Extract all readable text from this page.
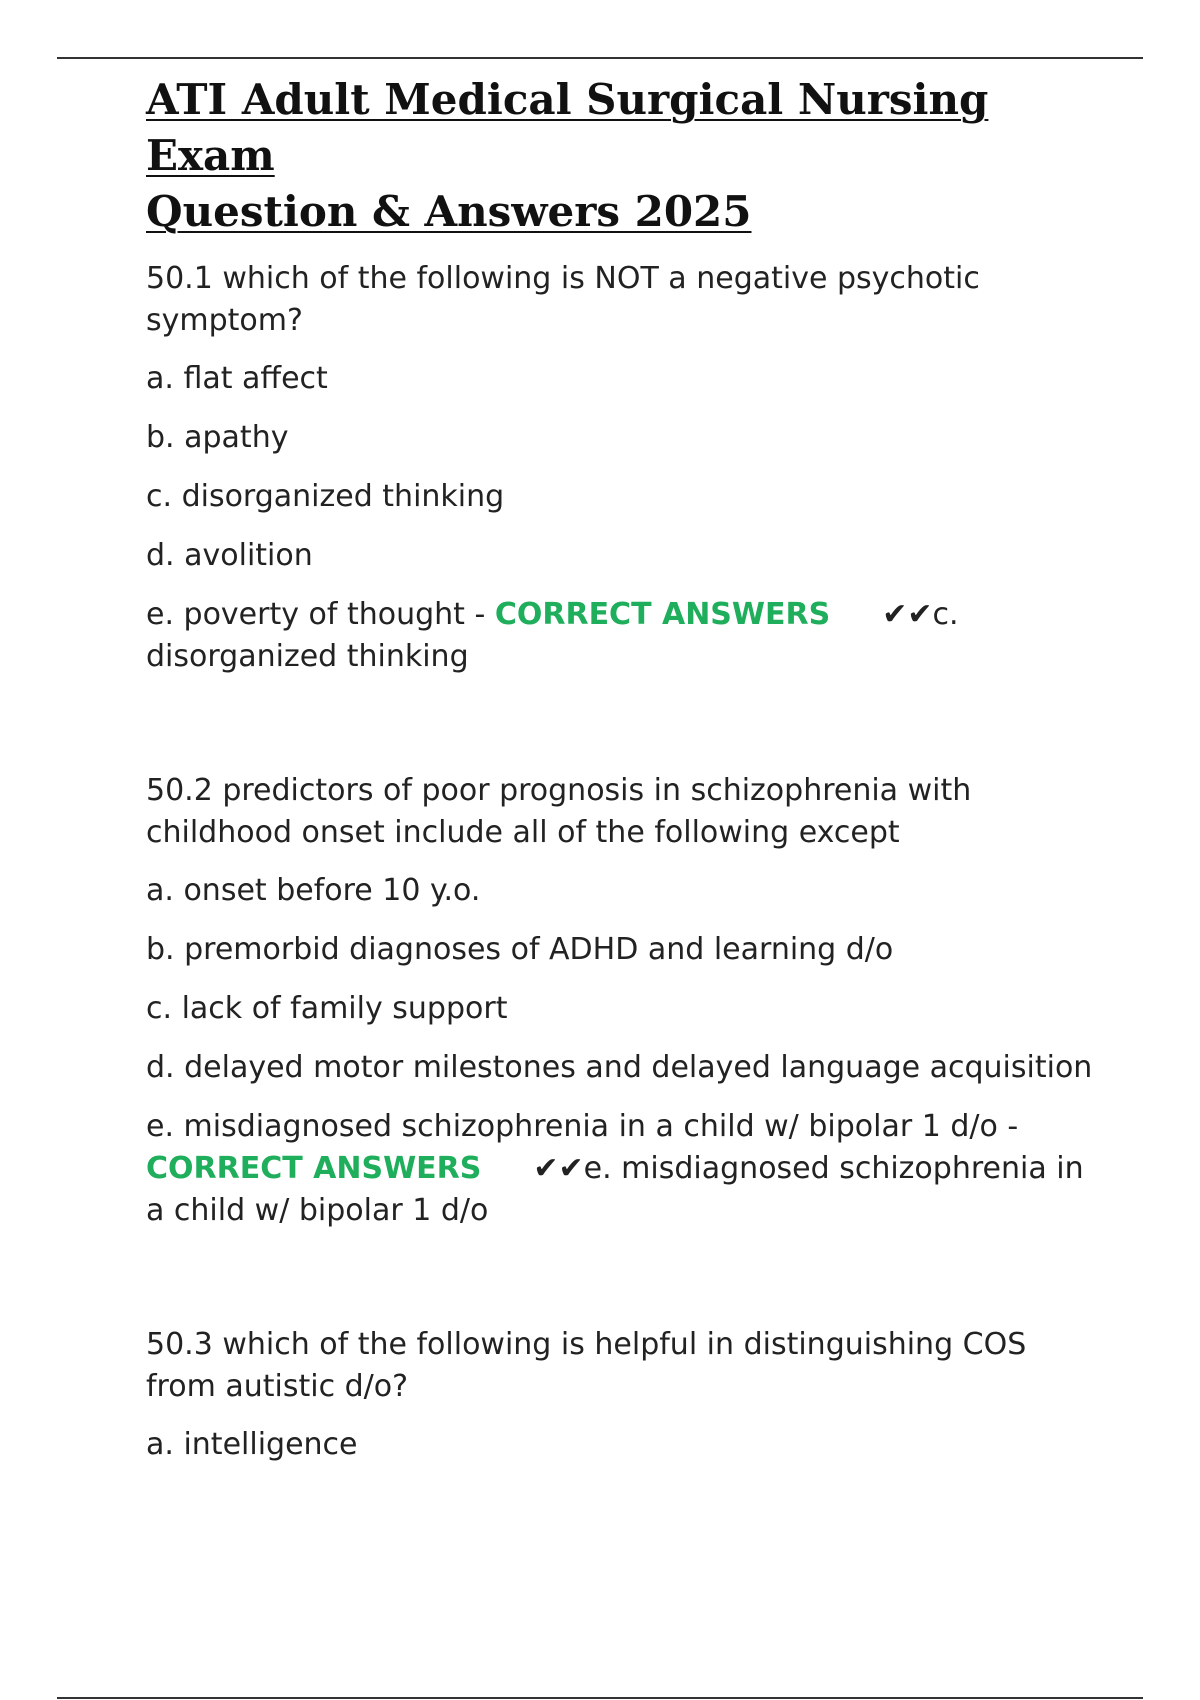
ATI Adult Medical Surgical Nursing Exam
Question & Answers 2025

50.1 which of the following is NOT a negative psychotic symptom?

a. flat affect

b. apathy

c. disorganized thinking

d. avolition

e. poverty of thought - CORRECT ANSWERS ✔✔c. disorganized thinking

50.2 predictors of poor prognosis in schizophrenia with childhood onset include all of the following except

a. onset before 10 y.o.

b. premorbid diagnoses of ADHD and learning d/o

c. lack of family support

d. delayed motor milestones and delayed language acquisition

e. misdiagnosed schizophrenia in a child w/ bipolar 1 d/o - CORRECT ANSWERS ✔✔e. misdiagnosed schizophrenia in a child w/ bipolar 1 d/o

50.3 which of the following is helpful in distinguishing COS from autistic d/o?

a. intelligence
